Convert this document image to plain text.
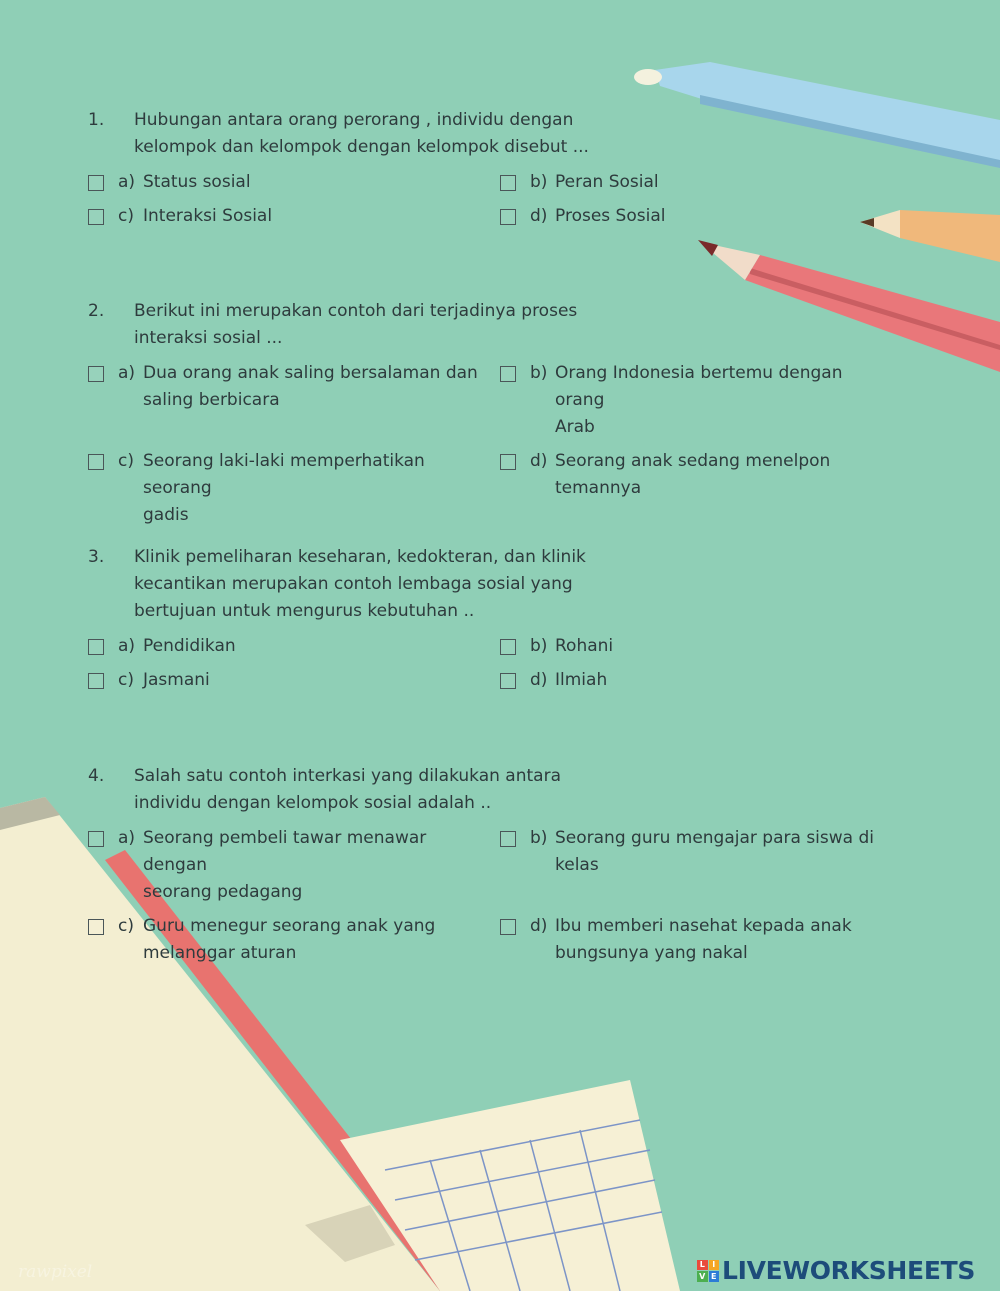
1.	Hubungan antara orang perorang , individu dengan
kelompok dan kelompok dengan kelompok disebut ...
a) Status sosial	b) Peran Sosial
c) Interaksi Sosial	d) Proses Sosial
2.	Berikut ini merupakan contoh dari terjadinya proses
interaksi sosial ...
a) Dua orang anak saling bersalaman dan
saling berbicara
b) Orang Indonesia bertemu dengan orang
Arab
c) Seorang laki-laki memperhatikan seorang
gadis
d) Seorang anak sedang menelpon
temannya
3.	Klinik pemeliharan keseharan, kedokteran, dan klinik
kecantikan merupakan contoh lembaga sosial yang
bertujuan untuk mengurus kebutuhan ..
a) Pendidikan	b) Rohani
c) Jasmani	d) Ilmiah
4.	Salah satu contoh interkasi yang dilakukan antara
individu dengan kelompok sosial adalah ..
a) Seorang pembeli tawar menawar dengan
seorang pedagang
b) Seorang guru mengajar para siswa di
kelas
c) Guru menegur seorang anak yang
melanggar aturan
d) Ibu memberi nasehat kepada anak
bungsunya yang nakal
rawpixel	L I
V E LIVEWORKSHEETS
